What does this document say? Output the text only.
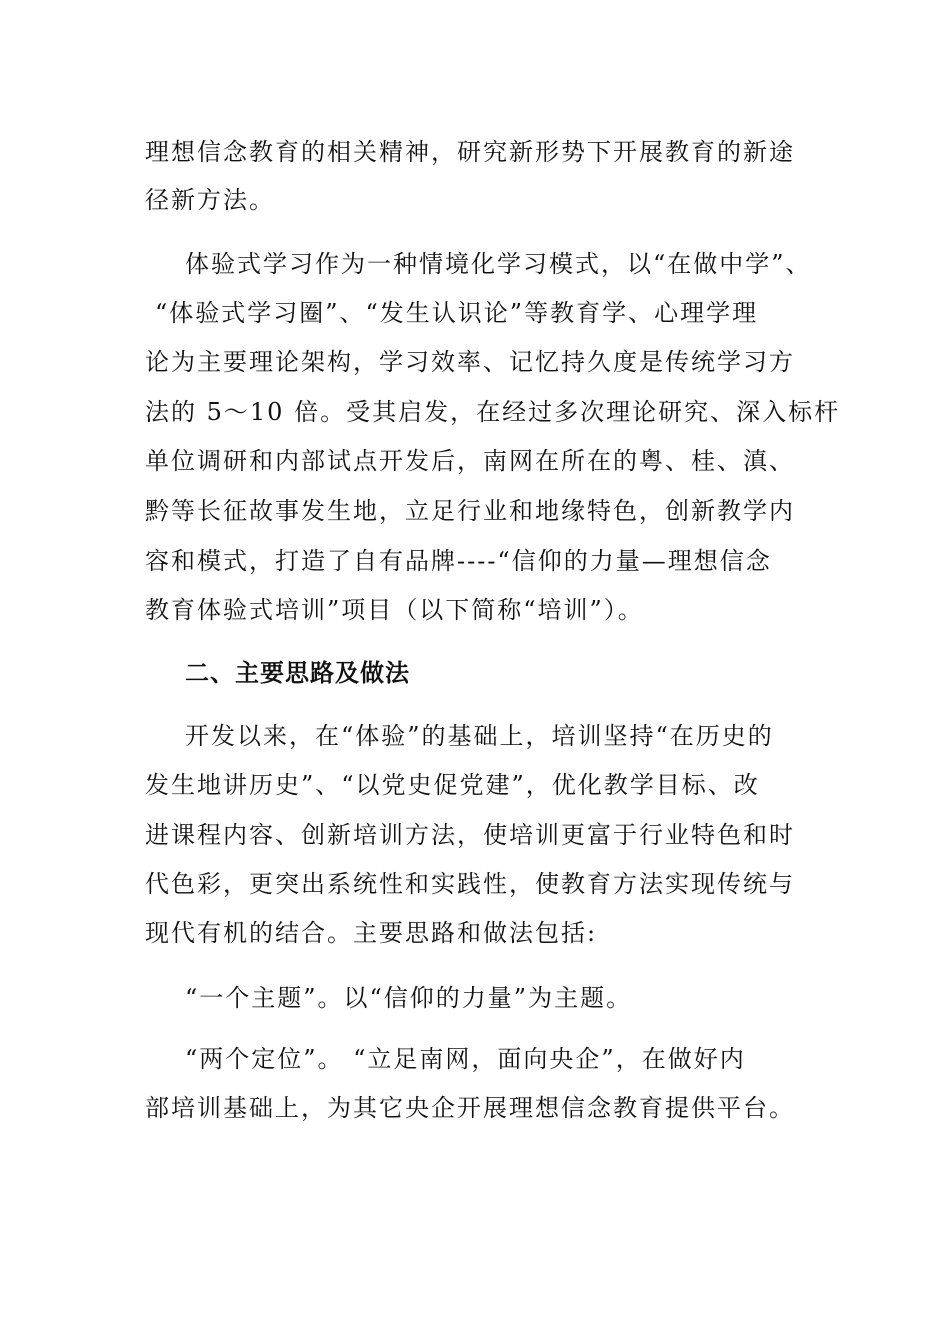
理想信念教育的相关精神，研究新形势下开展教育的新途
径新方法。
体验式学习作为一种情境化学习模式，以“在做中学”、
“体验式学习圈”、“发生认识论”等教育学、心理学理
论为主要理论架构，学习效率、记忆持久度是传统学习方
法的 5～10 倍。受其启发，在经过多次理论研究、深入标杆
单位调研和内部试点开发后，南网在所在的粤、桂、滇、
黔等长征故事发生地，立足行业和地缘特色，创新教学内
容和模式，打造了自有品牌----“信仰的力量—理想信念
教育体验式培训”项目（以下简称“培训”）。
二、主要思路及做法
开发以来，在“体验”的基础上，培训坚持“在历史的
发生地讲历史”、“以党史促党建”，优化教学目标、改
进课程内容、创新培训方法，使培训更富于行业特色和时
代色彩，更突出系统性和实践性，使教育方法实现传统与
现代有机的结合。主要思路和做法包括:
“一个主题”。以“信仰的力量”为主题。
“两个定位”。 “立足南网，面向央企”，在做好内
部培训基础上，为其它央企开展理想信念教育提供平台。
